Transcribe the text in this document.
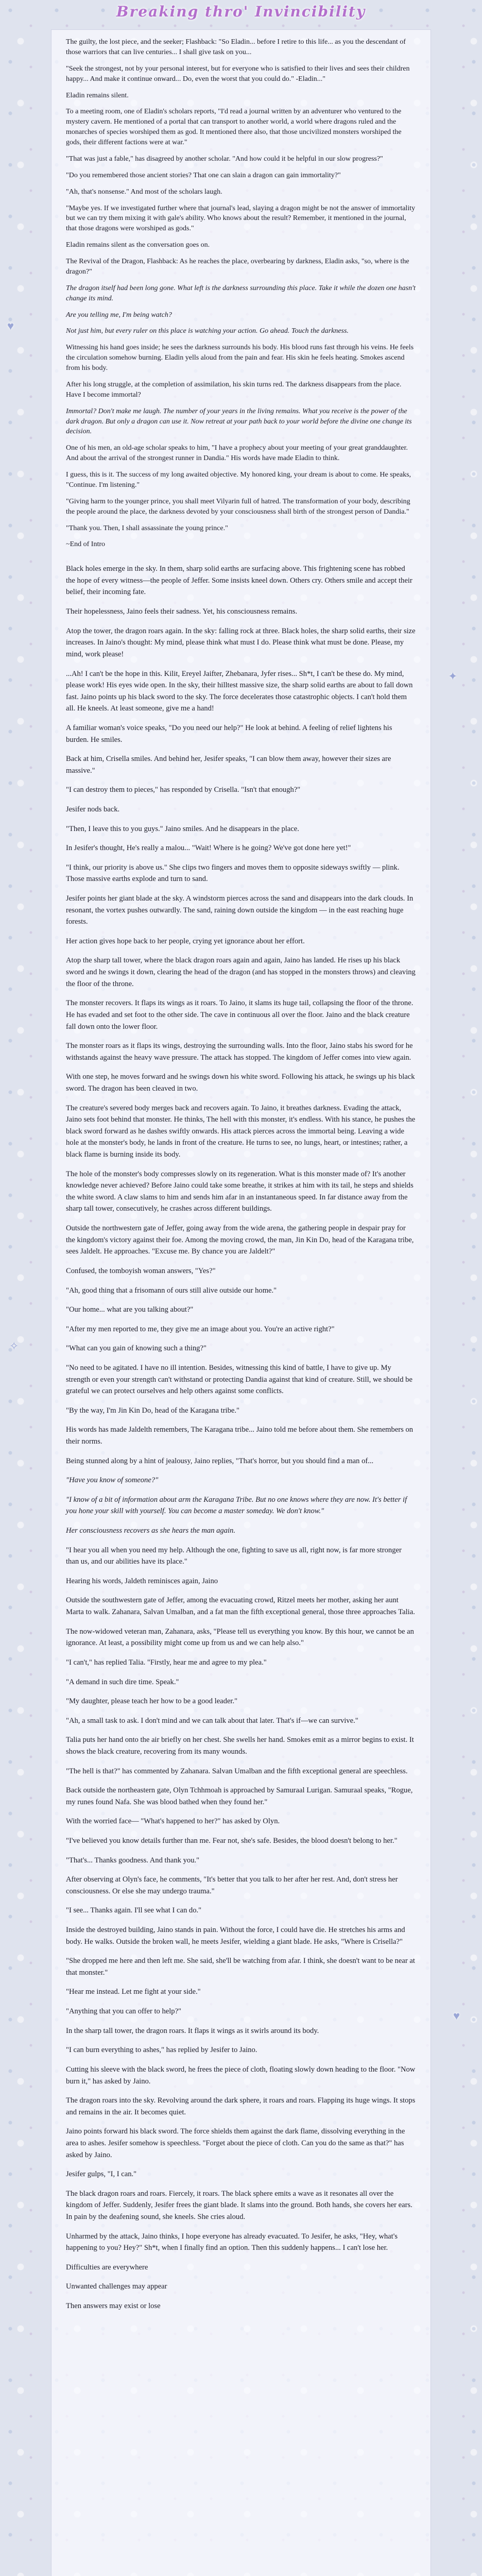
Breaking thro' Invincibility
♥
✦
✧
♥

The guilty, the lost piece, and the seeker; Flashback: "So Eladin... before I retire to this life... as you the descendant of those warriors that can live centuries... I shall give task on you...

"Seek the strongest, not by your personal interest, but for everyone who is satisfied to their lives and sees their children happy... And make it continue onward... Do, even the worst that you could do." -Eladin..."

Eladin remains silent.

To a meeting room, one of Eladin's scholars reports, "I'd read a journal written by an adventurer who ventured to the mystery cavern. He mentioned of a portal that can transport to another world, a world where dragons ruled and the monarches of species worshiped them as god. It mentioned there also, that those uncivilized monsters worshiped the gods, their different factions were at war."

"That was just a fable," has disagreed by another scholar. "And how could it be helpful in our slow progress?"

"Do you remembered those ancient stories? That one can slain a dragon can gain immortality?"

"Ah, that's nonsense." And most of the scholars laugh.

"Maybe yes. If we investigated further where that journal's lead, slaying a dragon might be not the answer of immortality but we can try them mixing it with gale's ability. Who knows about the result? Remember, it mentioned in the journal, that those dragons were worshiped as gods."

Eladin remains silent as the conversation goes on.

The Revival of the Dragon, Flashback: As he reaches the place, overbearing by darkness, Eladin asks, "so, where is the dragon?"

The dragon itself had been long gone. What left is the darkness surrounding this place. Take it while the dozen one hasn't change its mind.

Are you telling me, I'm being watch?

Not just him, but every ruler on this place is watching your action. Go ahead. Touch the darkness.

Witnessing his hand goes inside; he sees the darkness surrounds his body. His blood runs fast through his veins. He feels the circulation somehow burning. Eladin yells aloud from the pain and fear. His skin he feels heating. Smokes ascend from his body.

After his long struggle, at the completion of assimilation, his skin turns red. The darkness disappears from the place. Have I become immortal?

Immortal? Don't make me laugh. The number of your years in the living remains. What you receive is the power of the dark dragon. But only a dragon can use it. Now retreat at your path back to your world before the divine one change its decision.

One of his men, an old-age scholar speaks to him, "I have a prophecy about your meeting of your great granddaughter. And about the arrival of the strongest runner in Dandia." His words have made Eladin to think.

I guess, this is it. The success of my long awaited objective. My honored king, your dream is about to come. He speaks, "Continue. I'm listening."

"Giving harm to the younger prince, you shall meet Vilyarin full of hatred. The transformation of your body, describing the people around the place, the darkness devoted by your consciousness shall birth of the strongest person of Dandia."

"Thank you. Then, I shall assassinate the young prince."

~End of Intro

Black holes emerge in the sky. In them, sharp solid earths are surfacing above. This frightening scene has robbed the hope of every witness—the people of Jeffer. Some insists kneel down. Others cry. Others smile and accept their belief, their incoming fate.

Their hopelessness, Jaino feels their sadness. Yet, his consciousness remains.

Atop the tower, the dragon roars again. In the sky: falling rock at three. Black holes, the sharp solid earths, their size increases. In Jaino's thought: My mind, please think what must I do. Please think what must be done. Please, my mind, work please!

...Ah! I can't be the hope in this. Kilit, Ereyel Jaifter, Zhebanara, Jyfer rises... Sh*t, I can't be these do. My mind, please work! His eyes wide open. In the sky, their hilltest massive size, the sharp solid earths are about to fall down fast. Jaino points up his black sword to the sky. The force decelerates those catastrophic objects. I can't hold them all. He kneels. At least someone, give me a hand!

A familiar woman's voice speaks, "Do you need our help?" He look at behind. A feeling of relief lightens his burden. He smiles.

Back at him, Crisella smiles. And behind her, Jesifer speaks, "I can blow them away, however their sizes are massive."

"I can destroy them to pieces," has responded by Crisella. "Isn't that enough?"

Jesifer nods back.

"Then, I leave this to you guys." Jaino smiles. And he disappears in the place.

In Jesifer's thought, He's really a malou... "Wait! Where is he going? We've got done here yet!"

"I think, our priority is above us." She clips two fingers and moves them to opposite sideways swiftly — plink. Those massive earths explode and turn to sand.

Jesifer points her giant blade at the sky. A windstorm pierces across the sand and disappears into the dark clouds. In resonant, the vortex pushes outwardly. The sand, raining down outside the kingdom — in the east reaching huge forests.

Her action gives hope back to her people, crying yet ignorance about her effort.

Atop the sharp tall tower, where the black dragon roars again and again, Jaino has landed. He rises up his black sword and he swings it down, clearing the head of the dragon (and has stopped in the monsters throws) and cleaving the floor of the throne.

The monster recovers. It flaps its wings as it roars. To Jaino, it slams its huge tail, collapsing the floor of the throne. He has evaded and set foot to the other side. The cave in continuous all over the floor. Jaino and the black creature fall down onto the lower floor.

The monster roars as it flaps its wings, destroying the surrounding walls. Into the floor, Jaino stabs his sword for he withstands against the heavy wave pressure. The attack has stopped. The kingdom of Jeffer comes into view again.

With one step, he moves forward and he swings down his white sword. Following his attack, he swings up his black sword. The dragon has been cleaved in two.

The creature's severed body merges back and recovers again. To Jaino, it breathes darkness. Evading the attack, Jaino sets foot behind that monster. He thinks, The hell with this monster, it's endless. With his stance, he pushes the black sword forward as he dashes swiftly onwards. His attack pierces across the immortal being. Leaving a wide hole at the monster's body, he lands in front of the creature. He turns to see, no lungs, heart, or intestines; rather, a black flame is burning inside its body.

The hole of the monster's body compresses slowly on its regeneration. What is this monster made of? It's another knowledge never achieved? Before Jaino could take some breathe, it strikes at him with its tail, he steps and shields the white sword. A claw slams to him and sends him afar in an instantaneous speed. In far distance away from the sharp tall tower, consecutively, he crashes across different buildings.

Outside the northwestern gate of Jeffer, going away from the wide arena, the gathering people in despair pray for the kingdom's victory against their foe. Among the moving crowd, the man, Jin Kin Do, head of the Karagana tribe, sees Jaldelt. He approaches. "Excuse me. By chance you are Jaldelt?"

Confused, the tomboyish woman answers, "Yes?"

"Ah, good thing that a frisomann of ours still alive outside our home."

"Our home... what are you talking about?"

"After my men reported to me, they give me an image about you. You're an active right?"

"What can you gain of knowing such a thing?"

"No need to be agitated. I have no ill intention. Besides, witnessing this kind of battle, I have to give up. My strength or even your strength can't withstand or protecting Dandia against that kind of creature. Still, we should be grateful we can protect ourselves and help others against some conflicts.

"By the way, I'm Jin Kin Do, head of the Karagana tribe."

His words has made Jaldelth remembers, The Karagana tribe... Jaino told me before about them. She remembers on their norms.

Being stunned along by a hint of jealousy, Jaino replies, "That's horror, but you should find a man of...

"Have you know of someone?"

"I know of a bit of information about arm the Karagana Tribe. But no one knows where they are now. It's better if you hone your skill with yourself. You can become a master someday. We don't know."

Her consciousness recovers as she hears the man again.

"I hear you all when you need my help. Although the one, fighting to save us all, right now, is far more stronger than us, and our abilities have its place."

Hearing his words, Jaldeth reminisces again, Jaino

Outside the southwestern gate of Jeffer, among the evacuating crowd, Ritzel meets her mother, asking her aunt Marta to walk. Zahanara, Salvan Umalban, and a fat man the fifth exceptional general, those three approaches Talia.

The now-widowed veteran man, Zahanara, asks, "Please tell us everything you know. By this hour, we cannot be an ignorance. At least, a possibility might come up from us and we can help also."

"I can't," has replied Talia. "Firstly, hear me and agree to my plea."

"A demand in such dire time. Speak."

"My daughter, please teach her how to be a good leader."

"Ah, a small task to ask. I don't mind and we can talk about that later. That's if—we can survive."

Talia puts her hand onto the air briefly on her chest. She swells her hand. Smokes emit as a mirror begins to exist. It shows the black creature, recovering from its many wounds.

"The hell is that?" has commented by Zahanara. Salvan Umalban and the fifth exceptional general are speechless.

Back outside the northeastern gate, Olyn Tchhmoah is approached by Samuraal Lurigan. Samuraal speaks, "Rogue, my runes found Nafa. She was blood bathed when they found her."

With the worried face— "What's happened to her?" has asked by Olyn.

"I've believed you know details further than me. Fear not, she's safe. Besides, the blood doesn't belong to her."

"That's... Thanks goodness. And thank you."

After observing at Olyn's face, he comments, "It's better that you talk to her after her rest. And, don't stress her consciousness. Or else she may undergo trauma."

"I see... Thanks again. I'll see what I can do."

Inside the destroyed building, Jaino stands in pain. Without the force, I could have die. He stretches his arms and body. He walks. Outside the broken wall, he meets Jesifer, wielding a giant blade. He asks, "Where is Crisella?"

"She dropped me here and then left me. She said, she'll be watching from afar. I think, she doesn't want to be near at that monster."

"Hear me instead. Let me fight at your side."

"Anything that you can offer to help?"

In the sharp tall tower, the dragon roars. It flaps it wings as it swirls around its body.

"I can burn everything to ashes," has replied by Jesifer to Jaino.

Cutting his sleeve with the black sword, he frees the piece of cloth, floating slowly down heading to the floor. "Now burn it," has asked by Jaino.

The dragon roars into the sky. Revolving around the dark sphere, it roars and roars. Flapping its huge wings. It stops and remains in the air. It becomes quiet.

Jaino points forward his black sword. The force shields them against the dark flame, dissolving everything in the area to ashes. Jesifer somehow is speechless. "Forget about the piece of cloth. Can you do the same as that?" has asked by Jaino.

Jesifer gulps, "I, I can."

The black dragon roars and roars. Fiercely, it roars. The black sphere emits a wave as it resonates all over the kingdom of Jeffer. Suddenly, Jesifer frees the giant blade. It slams into the ground. Both hands, she covers her ears. In pain by the deafening sound, she kneels. She cries aloud.

Unharmed by the attack, Jaino thinks, I hope everyone has already evacuated. To Jesifer, he asks, "Hey, what's happening to you? Hey?" Sh*t, when I finally find an option. Then this suddenly happens... I can't lose her.

Difficulties are everywhere

Unwanted challenges may appear

Then answers may exist or lose
